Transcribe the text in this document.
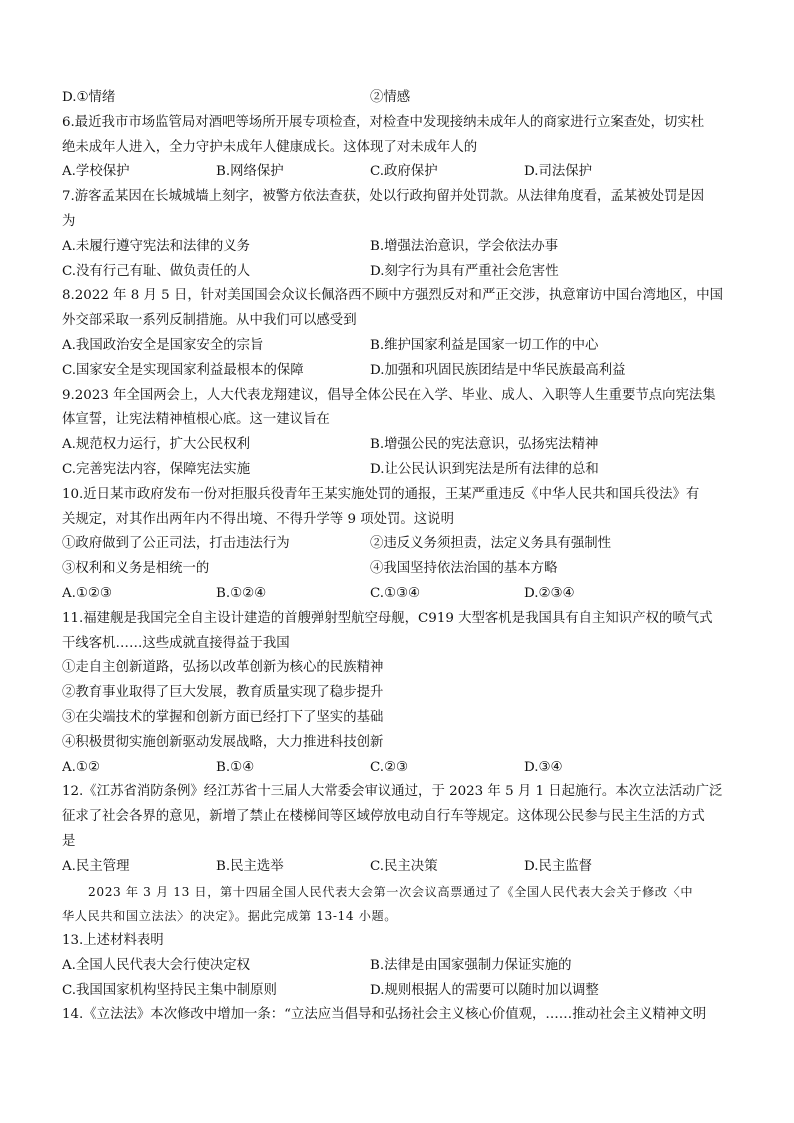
D.①情绪	②情感
6.最近我市市场监管局对酒吧等场所开展专项检查，对检查中发现接纳未成年人的商家进行立案查处，切实杜
绝未成年人进入，全力守护未成年人健康成长。这体现了对未成年人的
A.学校保护	B.网络保护	C.政府保护	D.司法保护
7.游客孟某因在长城城墙上刻字，被警方依法查获，处以行政拘留并处罚款。从法律角度看，孟某被处罚是因
为
A.未履行遵守宪法和法律的义务	B.增强法治意识，学会依法办事
C.没有行己有耻、做负责任的人	D.刻字行为具有严重社会危害性
8.2022 年 8 月 5 日，针对美国国会众议长佩洛西不顾中方强烈反对和严正交涉，执意窜访中国台湾地区，中国
外交部采取一系列反制措施。从中我们可以感受到
A.我国政治安全是国家安全的宗旨	B.维护国家利益是国家一切工作的中心
C.国家安全是实现国家利益最根本的保障	D.加强和巩固民族团结是中华民族最高利益
9.2023 年全国两会上，人大代表龙翔建议，倡导全体公民在入学、毕业、成人、入职等人生重要节点向宪法集
体宣誓，让宪法精神植根心底。这一建议旨在
A.规范权力运行，扩大公民权利	B.增强公民的宪法意识，弘扬宪法精神
C.完善宪法内容，保障宪法实施	D.让公民认识到宪法是所有法律的总和
10.近日某市政府发布一份对拒服兵役青年王某实施处罚的通报，王某严重违反《中华人民共和国兵役法》有
关规定，对其作出两年内不得出境、不得升学等 9 项处罚。这说明
①政府做到了公正司法，打击违法行为	②违反义务须担责，法定义务具有强制性
③权利和义务是相统一的	④我国坚持依法治国的基本方略
A.①②③	B.①②④	C.①③④	D.②③④
11.福建舰是我国完全自主设计建造的首艘弹射型航空母舰，C919 大型客机是我国具有自主知识产权的喷气式
干线客机……这些成就直接得益于我国
①走自主创新道路，弘扬以改革创新为核心的民族精神
②教育事业取得了巨大发展，教育质量实现了稳步提升
③在尖端技术的掌握和创新方面已经打下了坚实的基础
④积极贯彻实施创新驱动发展战略，大力推进科技创新
A.①②	B.①④	C.②③	D.③④
12.《江苏省消防条例》经江苏省十三届人大常委会审议通过，于 2023 年 5 月 1 日起施行。本次立法活动广泛
征求了社会各界的意见，新增了禁止在楼梯间等区域停放电动自行车等规定。这体现公民参与民主生活的方式
是
A.民主管理	B.民主选举	C.民主决策	D.民主监督
2023 年 3 月 13 日，第十四届全国人民代表大会第一次会议高票通过了《全国人民代表大会关于修改〈中
华人民共和国立法法〉的决定》。据此完成第 13-14 小题。
13.上述材料表明
A.全国人民代表大会行使决定权	B.法律是由国家强制力保证实施的
C.我国国家机构坚持民主集中制原则	D.规则根据人的需要可以随时加以调整
14.《立法法》本次修改中增加一条：“立法应当倡导和弘扬社会主义核心价值观，……推动社会主义精神文明
